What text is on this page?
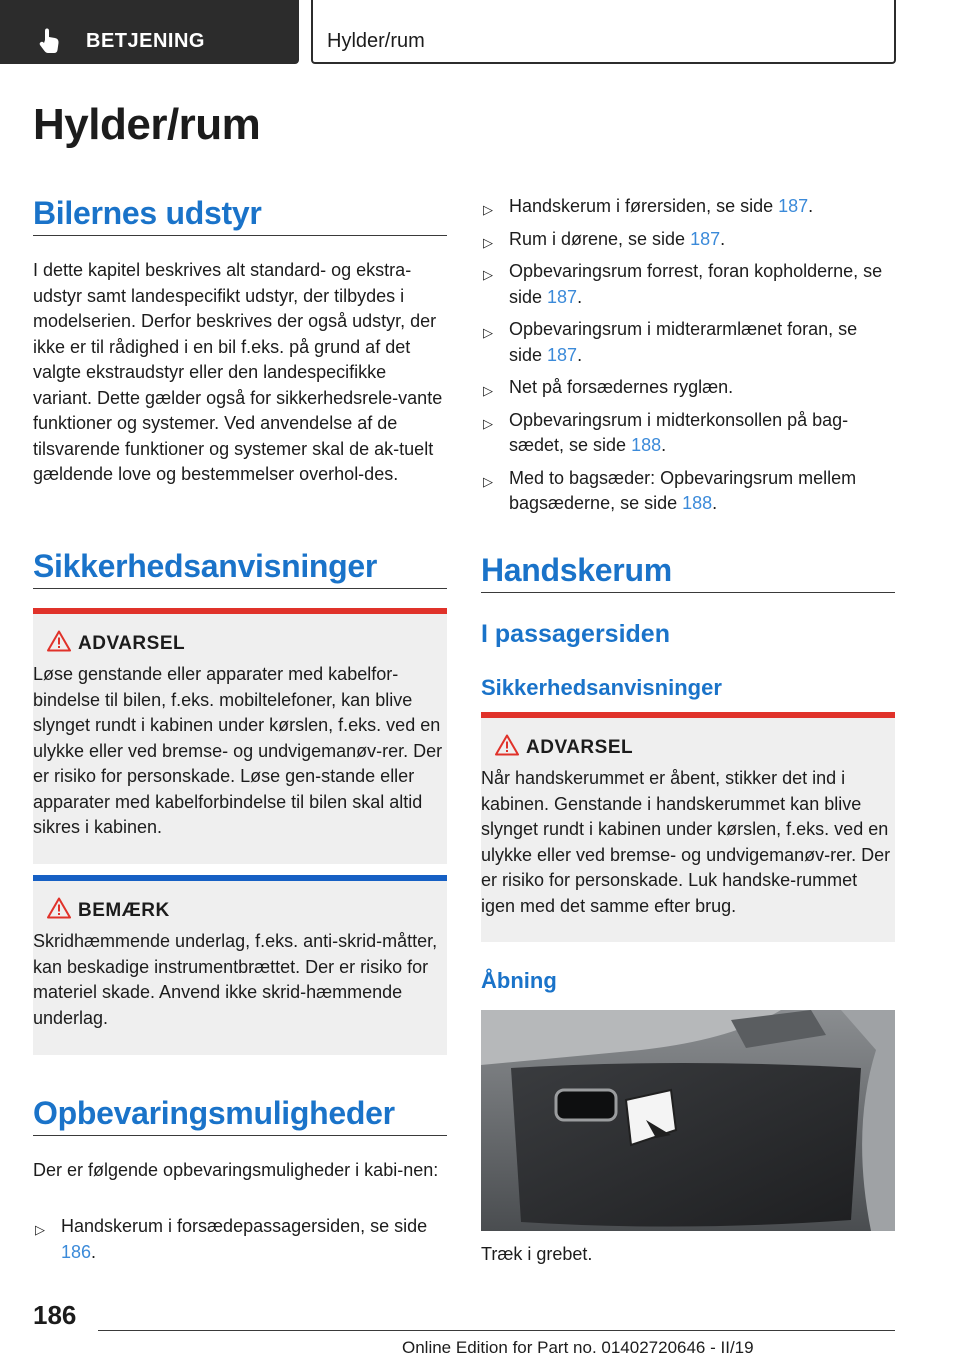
BETJENING	Hylder/rum
Hylder/rum
Bilernes udstyr

I dette kapitel beskrives alt standard- og ekstra-udstyr samt landespecifikt udstyr, der tilbydes i modelserien. Derfor beskrives der også udstyr, der ikke er til rådighed i en bil f.eks. på grund af det valgte ekstraudstyr eller den landespecifikke variant. Dette gælder også for sikkerhedsrele-vante funktioner og systemer. Ved anvendelse af de tilsvarende funktioner og systemer skal de ak-tuelt gældende love og bestemmelser overhol-des.

Sikkerhedsanvisninger
ADVARSEL

Løse genstande eller apparater med kabelfor-bindelse til bilen, f.eks. mobiltelefoner, kan blive slynget rundt i kabinen under kørslen, f.eks. ved en ulykke eller ved bremse- og undvigemanøv-rer. Der er risiko for personskade. Løse gen-stande eller apparater med kabelforbindelse til bilen skal altid sikres i kabinen.

BEMÆRK

Skridhæmmende underlag, f.eks. anti-skrid-måtter, kan beskadige instrumentbrættet. Der er risiko for materiel skade. Anvend ikke skrid-hæmmende underlag.

Opbevaringsmuligheder

Der er følgende opbevaringsmuligheder i kabi-nen:

▷ Handskerum i forsædepassagersiden, se side 186.
▷ Handskerum i førersiden, se side 187.
▷ Rum i dørene, se side 187.
▷ Opbevaringsrum forrest, foran kopholderne, se side 187.
▷ Opbevaringsrum i midterarmlænet foran, se side 187.
▷ Net på forsædernes ryglæn.
▷ Opbevaringsrum i midterkonsollen på bag-sædet, se side 188.
▷ Med to bagsæder: Opbevaringsrum mellem bagsæderne, se side 188.
Handskerum
I passagersiden
Sikkerhedsanvisninger
ADVARSEL

Når handskerummet er åbent, stikker det ind i kabinen. Genstande i handskerummet kan blive slynget rundt i kabinen under kørslen, f.eks. ved en ulykke eller ved bremse- og undvigemanøv-rer. Der er risiko for personskade. Luk handske-rummet igen med det samme efter brug.

Åbning
Træk i grebet.
186
Online Edition for Part no. 01402720646 - II/19
